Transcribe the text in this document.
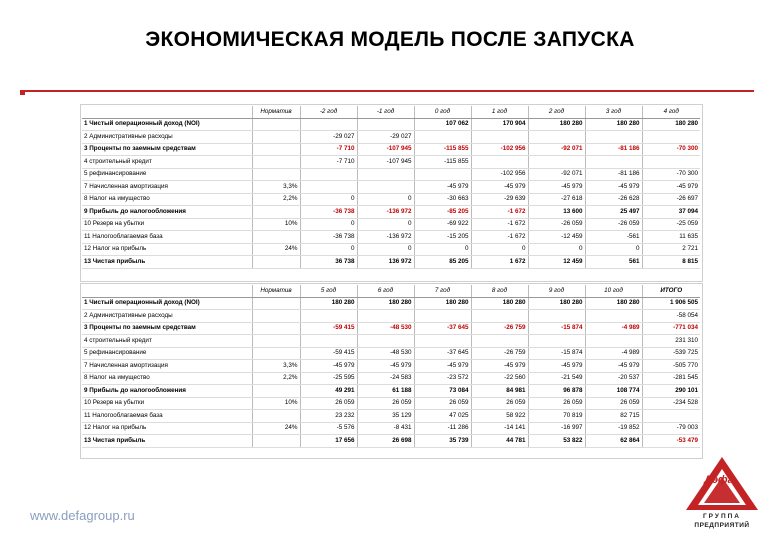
ЭКОНОМИЧЕСКАЯ МОДЕЛЬ ПОСЛЕ ЗАПУСКА
	Норматив	-2 год	-1 год	0 год	1 год	2 год	3 год	4 год
1 Чистый операционный доход (NOI)				107 062	170 904	180 280	180 280	180 280
2 Административные расходы		-29 027	-29 027					
3 Проценты по заемным средствам		-7 710	-107 945	-115 855	-102 956	-92 071	-81 186	-70 300
4 строительный кредит		-7 710	-107 945	-115 855				
5 рефинансирование					-102 956	-92 071	-81 186	-70 300
7 Начисленная амортизация	3,3%			-45 979	-45 979	-45 979	-45 979	-45 979
8 Налог на имущество	2,2%	0	0	-30 663	-29 639	-27 618	-26 628	-26 697
9 Прибыль до налогообложения		-36 738	-136 972	-85 205	-1 672	13 600	25 497	37 094
10 Резерв на убытки	10%	0	0	-69 922	-1 672	-26 059	-26 059	-25 059
11 Налогооблагаемая база		-36 738	-136 972	-15 205	-1 672	-12 459	-561	11 635
12 Налог на прибыль	24%	0	0	0	0	0	0	2 721
13 Чистая прибыль		36 738	136 972	85 205	1 672	12 459	561	8 815
	Норматив	5 год	6 год	7 год	8 год	9 год	10 год	ИТОГО
1 Чистый операционный доход (NOI)		180 280	180 280	180 280	180 280	180 280	180 280	1 906 505
2 Административные расходы								-58 054
3 Проценты по заемным средствам		-59 415	-48 530	-37 645	-26 759	-15 874	-4 989	-771 034
4 строительный кредит								231 310
5 рефинансирование		-59 415	-48 530	-37 645	-26 759	-15 874	-4 989	-539 725
7 Начисленная амортизация	3,3%	-45 979	-45 979	-45 979	-45 979	-45 979	-45 979	-505 770
8 Налог на имущество	2,2%	-25 595	-24 583	-23 572	-22 560	-21 549	-20 537	-281 545
9 Прибыль до налогообложения		49 291	61 188	73 084	84 981	96 878	108 774	290 101
10 Резерв на убытки	10%	26 059	26 059	26 059	26 059	26 059	26 059	-234 528
11 Налогооблагаемая база		23 232	35 129	47 025	58 922	70 819	82 715	
12 Налог на прибыль	24%	-5 576	-8 431	-11 286	-14 141	-16 997	-19 852	-79 003
13 Чистая прибыль		17 656	26 698	35 739	44 781	53 822	62 864	-53 479
www.defagroup.ru
Дэфа
ГРУППА
ПРЕДПРИЯТИЙ
